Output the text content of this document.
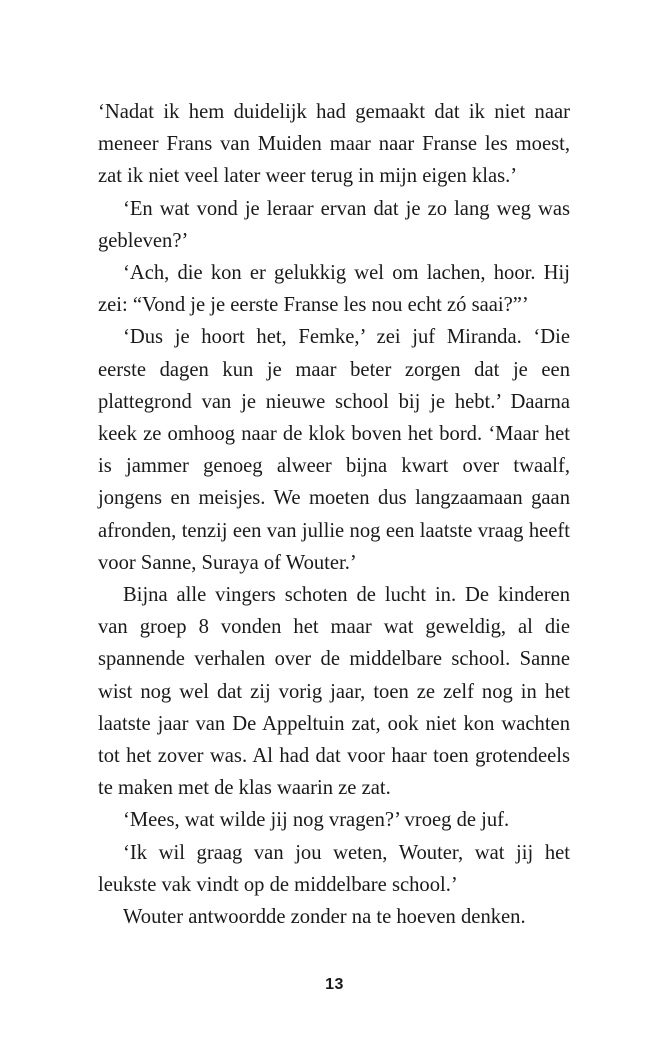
‘Nadat ik hem duidelijk had gemaakt dat ik niet naar meneer Frans van Muiden maar naar Franse les moest, zat ik niet veel later weer terug in mijn eigen klas.’

‘En wat vond je leraar ervan dat je zo lang weg was gebleven?’

‘Ach, die kon er gelukkig wel om lachen, hoor. Hij zei: “Vond je je eerste Franse les nou echt zó saai?”’

‘Dus je hoort het, Femke,’ zei juf Miranda. ‘Die eerste dagen kun je maar beter zorgen dat je een plattegrond van je nieuwe school bij je hebt.’ Daarna keek ze omhoog naar de klok boven het bord. ‘Maar het is jammer genoeg alweer bijna kwart over twaalf, jongens en meisjes. We moeten dus langzaamaan gaan afronden, tenzij een van jullie nog een laatste vraag heeft voor Sanne, Suraya of Wouter.’

Bijna alle vingers schoten de lucht in. De kinderen van groep 8 vonden het maar wat geweldig, al die spannende verhalen over de middelbare school. Sanne wist nog wel dat zij vorig jaar, toen ze zelf nog in het laatste jaar van De Appeltuin zat, ook niet kon wachten tot het zover was. Al had dat voor haar toen grotendeels te maken met de klas waarin ze zat.

‘Mees, wat wilde jij nog vragen?’ vroeg de juf.

‘Ik wil graag van jou weten, Wouter, wat jij het leukste vak vindt op de middelbare school.’

Wouter antwoordde zonder na te hoeven denken.

13
